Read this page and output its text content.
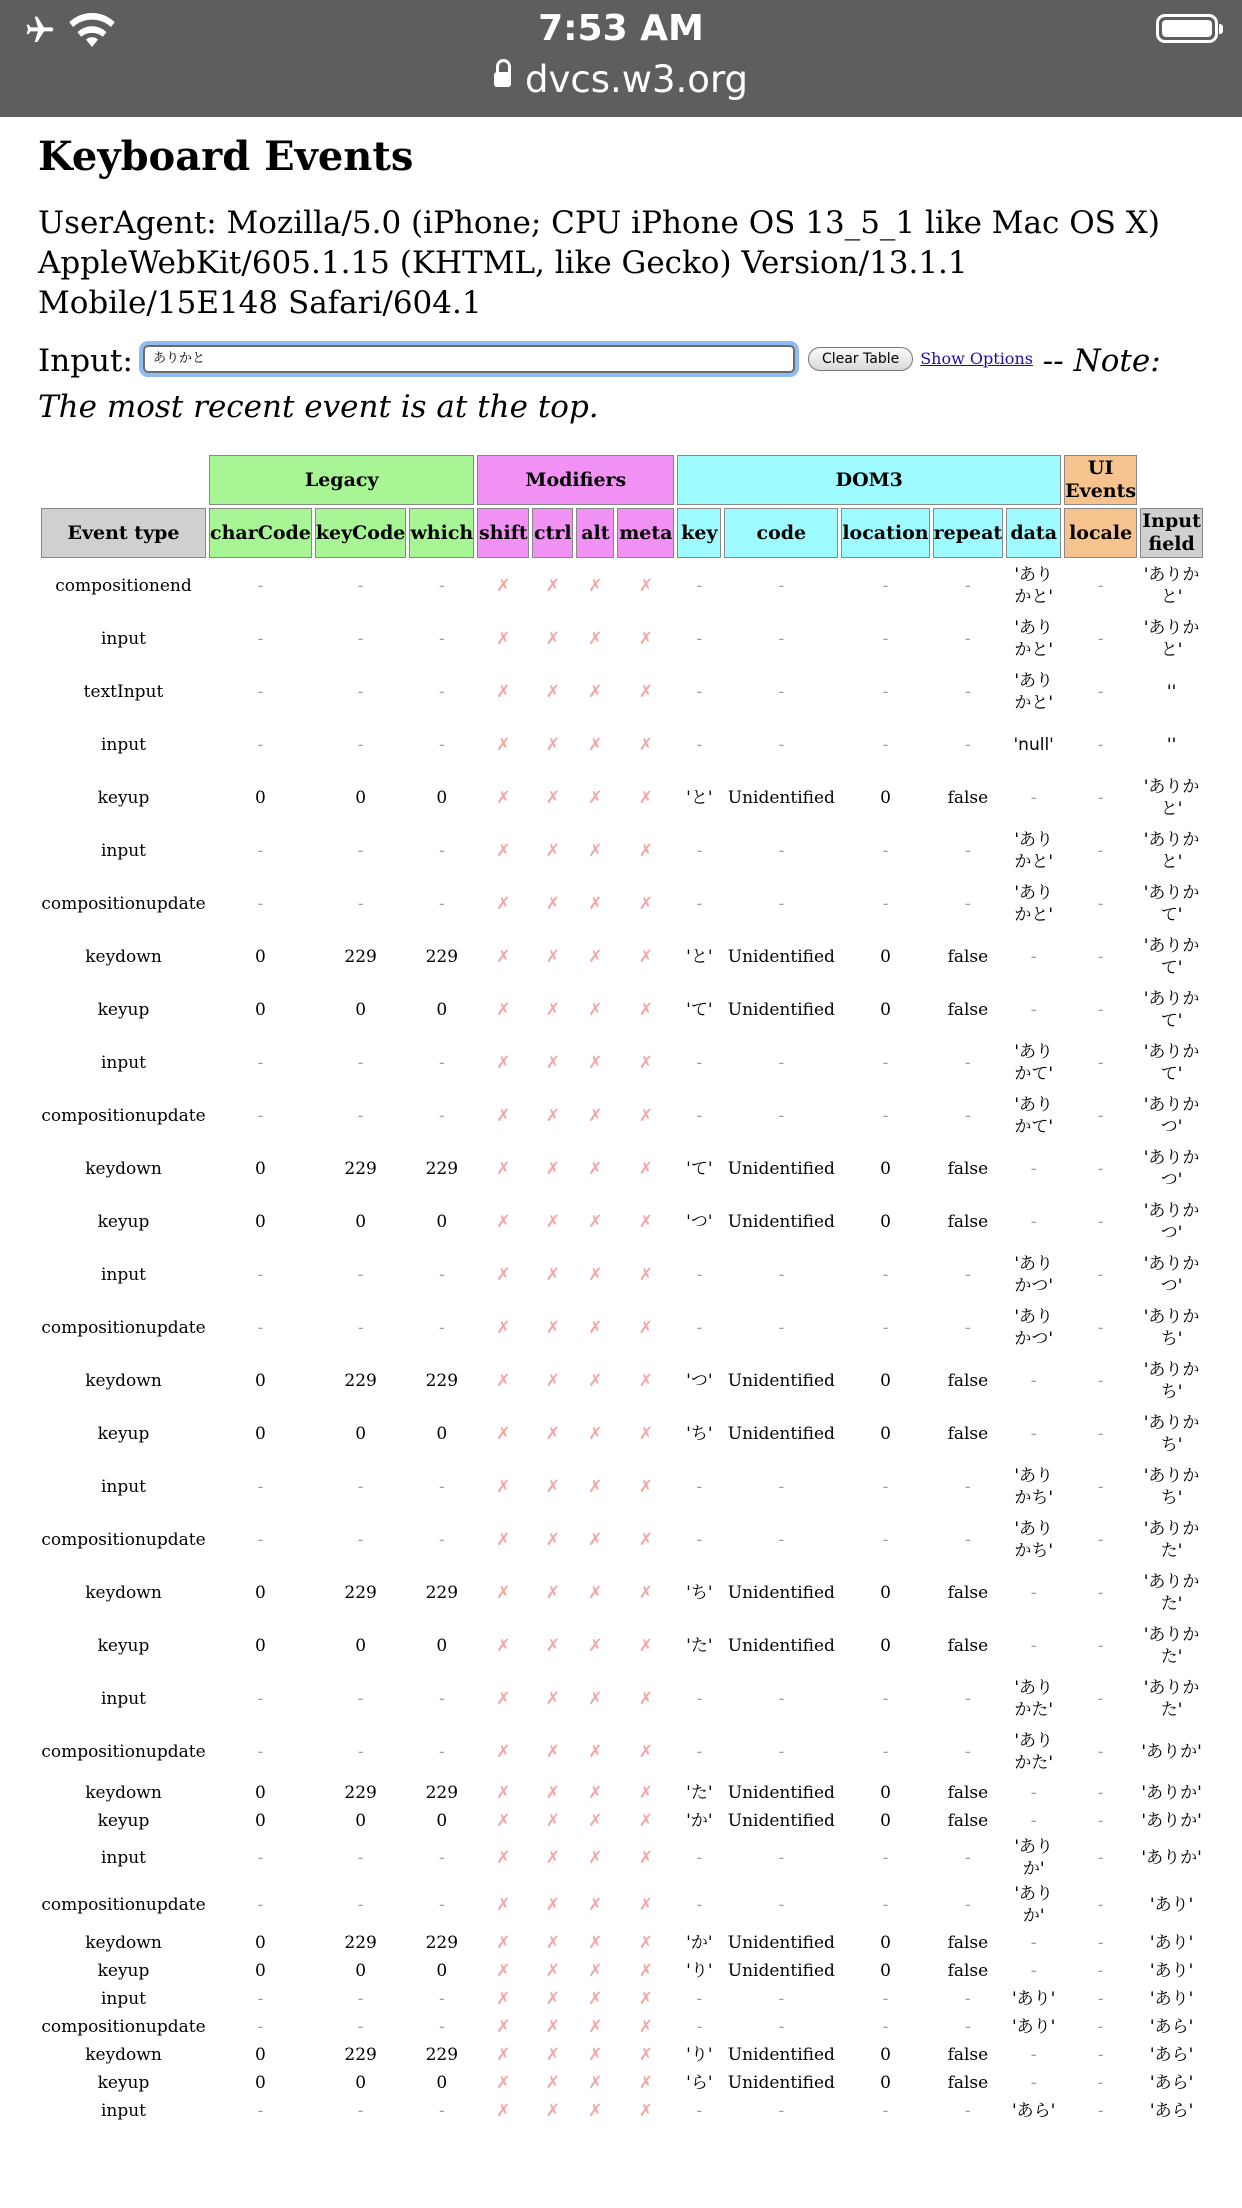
7:53 AM
dvcs.w3.org
Keyboard Events
UserAgent: Mozilla/5.0 (iPhone; CPU iPhone OS 13_5_1 like Mac OS X) AppleWebKit/605.1.15 (KHTML, like Gecko) Version/13.1.1 Mobile/15E148 Safari/604.1
Input: ありかと	Clear Table Show Options -- Note: The most recent event is at the top.
	Legacy			Modifiers				DOM3					UI Events	
Event type	charCode	keyCode	which	shift	ctrl	alt	meta	key	code	location	repeat	data	locale	Input field
compositionend	-	-	-	✗	✗	✗	✗	-	-	-	-	'ありかと'	-	'ありかと'
input	-	-	-	✗	✗	✗	✗	-	-	-	-	'ありかと'	-	'ありかと'
textInput	-	-	-	✗	✗	✗	✗	-	-	-	-	'ありかと'	-	''
input	-	-	-	✗	✗	✗	✗	-	-	-	-	'null'	-	''
keyup	0	0	0	✗	✗	✗	✗	'と'	Unidentified	0	false	-	-	'ありかと'
input	-	-	-	✗	✗	✗	✗	-	-	-	-	'ありかと'	-	'ありかと'
compositionupdate	-	-	-	✗	✗	✗	✗	-	-	-	-	'ありかと'	-	'ありかて'
keydown	0	229	229	✗	✗	✗	✗	'と'	Unidentified	0	false	-	-	'ありかて'
keyup	0	0	0	✗	✗	✗	✗	'て'	Unidentified	0	false	-	-	'ありかて'
input	-	-	-	✗	✗	✗	✗	-	-	-	-	'ありかて'	-	'ありかて'
compositionupdate	-	-	-	✗	✗	✗	✗	-	-	-	-	'ありかて'	-	'ありかつ'
keydown	0	229	229	✗	✗	✗	✗	'て'	Unidentified	0	false	-	-	'ありかつ'
keyup	0	0	0	✗	✗	✗	✗	'つ'	Unidentified	0	false	-	-	'ありかつ'
input	-	-	-	✗	✗	✗	✗	-	-	-	-	'ありかつ'	-	'ありかつ'
compositionupdate	-	-	-	✗	✗	✗	✗	-	-	-	-	'ありかつ'	-	'ありかち'
keydown	0	229	229	✗	✗	✗	✗	'つ'	Unidentified	0	false	-	-	'ありかち'
keyup	0	0	0	✗	✗	✗	✗	'ち'	Unidentified	0	false	-	-	'ありかち'
input	-	-	-	✗	✗	✗	✗	-	-	-	-	'ありかち'	-	'ありかち'
compositionupdate	-	-	-	✗	✗	✗	✗	-	-	-	-	'ありかち'	-	'ありかた'
keydown	0	229	229	✗	✗	✗	✗	'ち'	Unidentified	0	false	-	-	'ありかた'
keyup	0	0	0	✗	✗	✗	✗	'た'	Unidentified	0	false	-	-	'ありかた'
input	-	-	-	✗	✗	✗	✗	-	-	-	-	'ありかた'	-	'ありかた'
compositionupdate	-	-	-	✗	✗	✗	✗	-	-	-	-	'ありかた'	-	'ありか'
keydown	0	229	229	✗	✗	✗	✗	'た'	Unidentified	0	false	-	-	'ありか'
keyup	0	0	0	✗	✗	✗	✗	'か'	Unidentified	0	false	-	-	'ありか'
input	-	-	-	✗	✗	✗	✗	-	-	-	-	'ありか'	-	'ありか'
compositionupdate	-	-	-	✗	✗	✗	✗	-	-	-	-	'ありか'	-	'あり'
keydown	0	229	229	✗	✗	✗	✗	'か'	Unidentified	0	false	-	-	'あり'
keyup	0	0	0	✗	✗	✗	✗	'り'	Unidentified	0	false	-	-	'あり'
input	-	-	-	✗	✗	✗	✗	-	-	-	-	'あり'	-	'あり'
compositionupdate	-	-	-	✗	✗	✗	✗	-	-	-	-	'あり'	-	'あら'
keydown	0	229	229	✗	✗	✗	✗	'り'	Unidentified	0	false	-	-	'あら'
keyup	0	0	0	✗	✗	✗	✗	'ら'	Unidentified	0	false	-	-	'あら'
input	-	-	-	✗	✗	✗	✗	-	-	-	-	'あら'	-	'あら'
